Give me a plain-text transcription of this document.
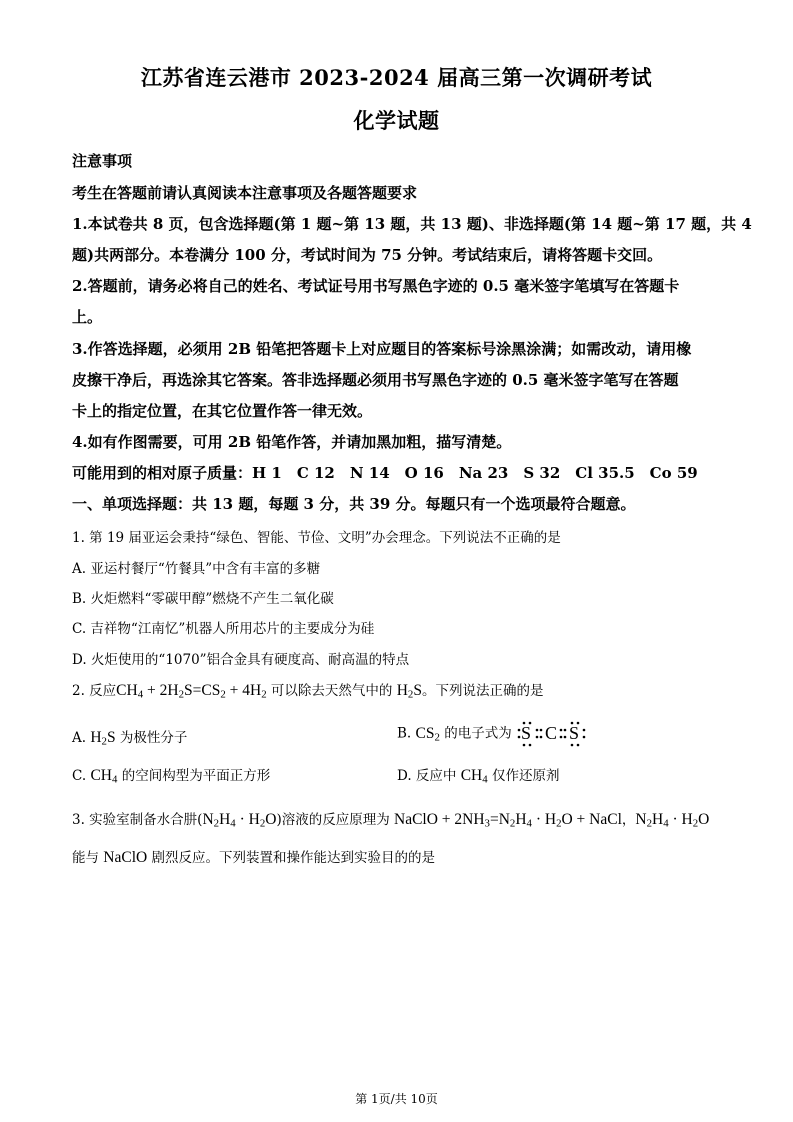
江苏省连云港市 2023-2024 届高三第一次调研考试
化学试题
注意事项
考生在答题前请认真阅读本注意事项及各题答题要求
1.本试卷共 8 页，包含选择题(第 1 题~第 13 题，共 13 题)、非选择题(第 14 题~第 17 题，共 4
题)共两部分。本卷满分 100 分，考试时间为 75 分钟。考试结束后，请将答题卡交回。
2.答题前，请务必将自己的姓名、考试证号用书写黑色字迹的 0.5 毫米签字笔填写在答题卡
上。
3.作答选择题，必须用 2B 铅笔把答题卡上对应题目的答案标号涂黑涂满；如需改动，请用橡
皮擦干净后，再选涂其它答案。答非选择题必须用书写黑色字迹的 0.5 毫米签字笔写在答题
卡上的指定位置，在其它位置作答一律无效。
4.如有作图需要，可用 2B 铅笔作答，并请加黑加粗，描写清楚。
可能用到的相对原子质量：H 1　C 12　N 14　O 16　Na 23　S 32　Cl 35.5　Co 59
一、单项选择题：共 13 题，每题 3 分，共 39 分。每题只有一个选项最符合题意。
1. 第 19 届亚运会秉持“绿色、智能、节俭、文明”办会理念。下列说法不正确的是
A. 亚运村餐厅“竹餐具”中含有丰富的多糖
B. 火炬燃料“零碳甲醇”燃烧不产生二氧化碳
C. 吉祥物“江南忆”机器人所用芯片的主要成分为硅
D. 火炬使用的“1070”铝合金具有硬度高、耐高温的特点
2. 反应$CH_4 + 2H_2S=CS_2 + 4H_2$ 可以除去天然气中的 $H_2S$。下列说法正确的是
A. $H_2S$ 为极性分子	B. $CS_2$ 的电子式为 S C S
C. $CH_4$ 的空间构型为平面正方形	D. 反应中 $CH_4$ 仅作还原剂
3. 实验室制备水合肼$(N_2H_4 \cdot H_2O)$溶液的反应原理为 NaClO + $2NH_3=N_2H_4 \cdot H_2O$ + NaCl，$N_2H_4 \cdot H_2O$
能与 NaClO 剧烈反应。下列装置和操作能达到实验目的的是
第 1页/共 10页
